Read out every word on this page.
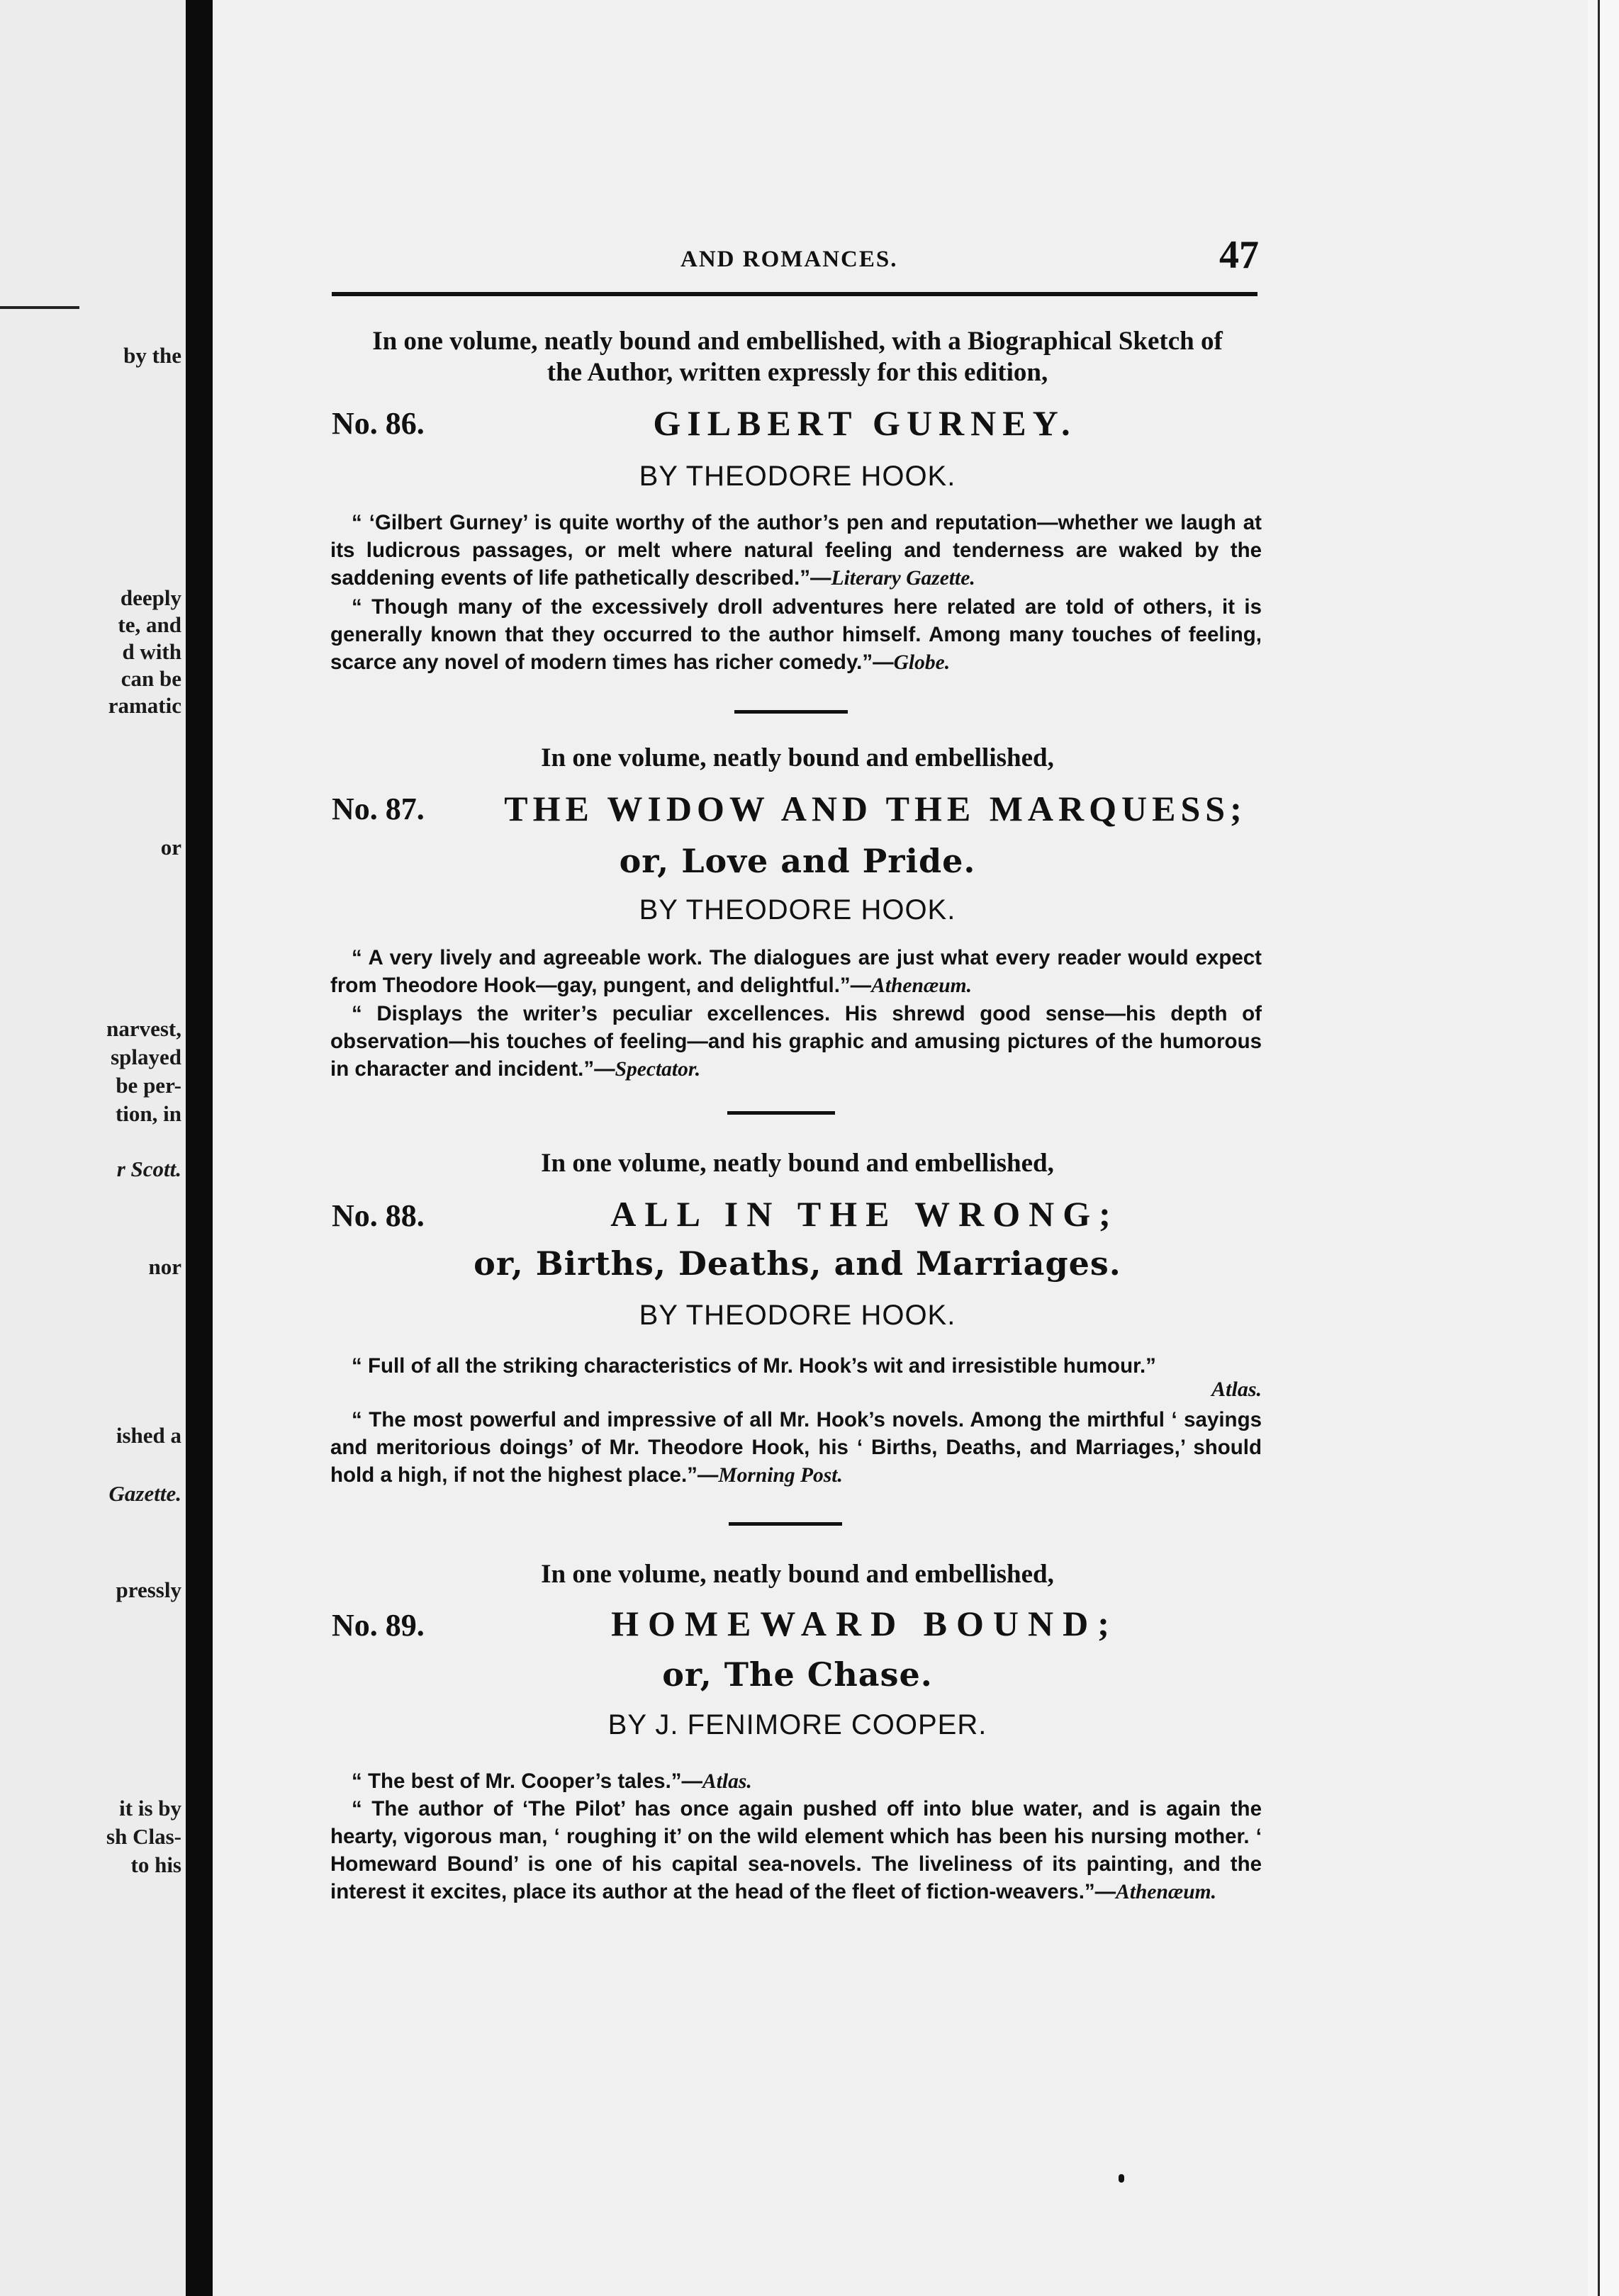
by the
deeply
te, and
d with
can be
ramatic
or
narvest,
splayed
be per-
tion, in
r Scott.
nor
ished a
Gazette.
pressly
it is by
sh Clas-
to his
AND ROMANCES.	47
In one volume, neatly bound and embellished, with a Biographical Sketch of
the Author, written expressly for this edition,
No. 86.	GILBERT GURNEY.
BY THEODORE HOOK.

“ ‘Gilbert Gurney’ is quite worthy of the author’s pen and reputation—whether we laugh at its ludicrous passages, or melt where natural feeling and tenderness are waked by the saddening events of life pathetically described.”—Literary Gazette.

“ Though many of the excessively droll adventures here related are told of others, it is generally known that they occurred to the author himself. Among many touches of feeling, scarce any novel of modern times has richer comedy.”—Globe.

In one volume, neatly bound and embellished,
No. 87.	THE WIDOW AND THE MARQUESS;
or, Love and Pride.
BY THEODORE HOOK.

“ A very lively and agreeable work. The dialogues are just what every reader would expect from Theodore Hook—gay, pungent, and delightful.”—Athenæum.

“ Displays the writer’s peculiar excellences. His shrewd good sense—his depth of observation—his touches of feeling—and his graphic and amusing pictures of the humorous in character and incident.”—Spectator.

In one volume, neatly bound and embellished,
No. 88.	ALL IN THE WRONG;
or, Births, Deaths, and Marriages.
BY THEODORE HOOK.

“ Full of all the striking characteristics of Mr. Hook’s wit and irresistible humour.”

Atlas.

“ The most powerful and impressive of all Mr. Hook’s novels. Among the mirthful ‘ sayings and meritorious doings’ of Mr. Theodore Hook, his ‘ Births, Deaths, and Marriages,’ should hold a high, if not the highest place.”—Morning Post.

In one volume, neatly bound and embellished,
No. 89.	HOMEWARD BOUND;
or, The Chase.
BY J. FENIMORE COOPER.

“ The best of Mr. Cooper’s tales.”—Atlas.

“ The author of ‘The Pilot’ has once again pushed off into blue water, and is again the hearty, vigorous man, ‘ roughing it’ on the wild element which has been his nursing mother. ‘ Homeward Bound’ is one of his capital sea-novels. The liveliness of its painting, and the interest it excites, place its author at the head of the fleet of fiction-weavers.”—Athenæum.
